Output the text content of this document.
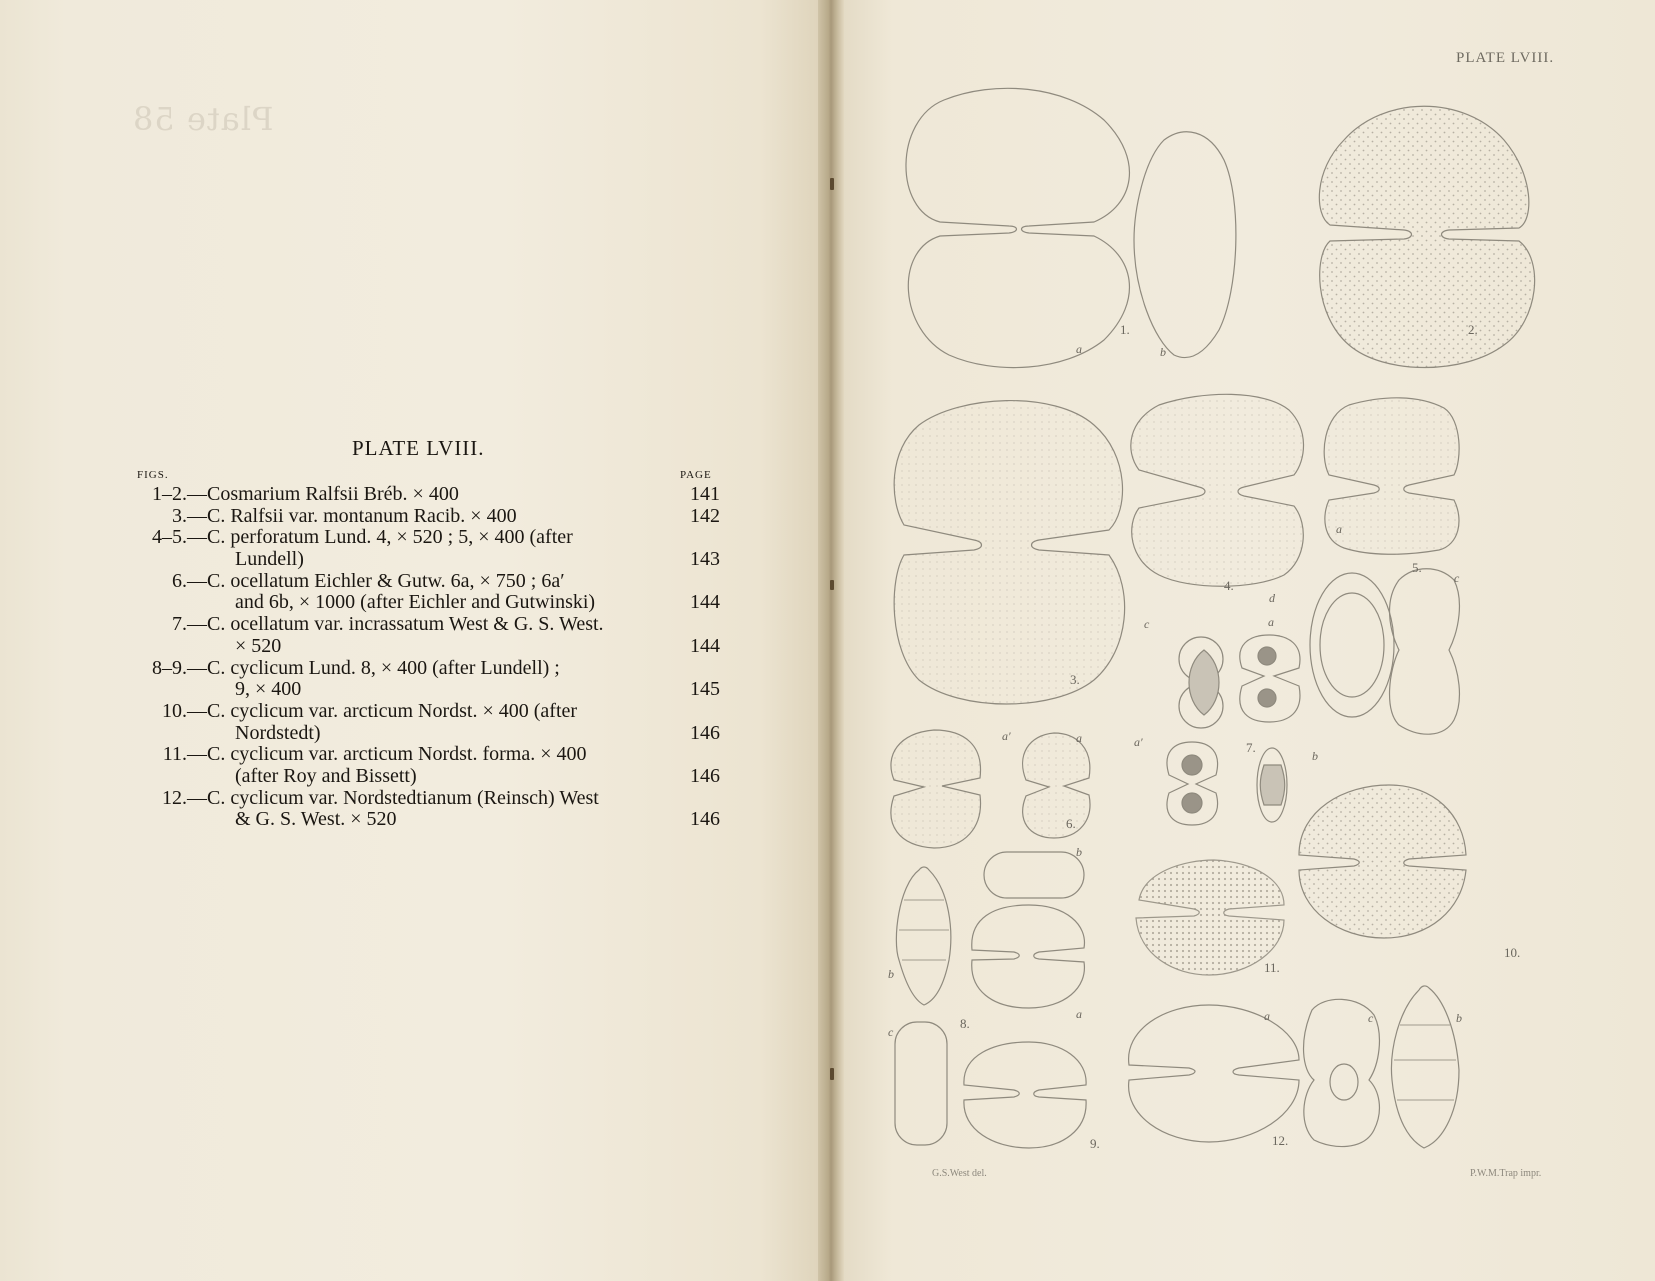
Plate 58
PLATE LVIII.
FIGS.	PAGE
1–2.—Cosmarium Ralfsii Bréb. × 400	141
3.—C. Ralfsii var. montanum Racib. × 400	142
4–5.—C. perforatum Lund. 4, × 520 ; 5, × 400 (after
Lundell)	143
6.—C. ocellatum Eichler & Gutw. 6a, × 750 ; 6a′
and 6b, × 1000 (after Eichler and Gutwinski)	144
7.—C. ocellatum var. incrassatum West & G. S. West.
× 520	144
8–9.—C. cyclicum Lund. 8, × 400 (after Lundell) ;
9, × 400	145
10.—C. cyclicum var. arcticum Nordst. × 400 (after
Nordstedt)	146
11.—C. cyclicum var. arcticum Nordst. forma. × 400
(after Roy and Bissett)	146
12.—C. cyclicum var. Nordstedtianum (Reinsch) West
& G. S. West. × 520	146
PLATE LVIII.
1.	2.
3.
4.
5.
6.
7.
8.
9.
10.
11.
12.
a	b
a
d
c
a′	a
b
c	a
a′
b
b
c
a	a	c	b
G.S.West del.	P.W.M.Trap impr.
